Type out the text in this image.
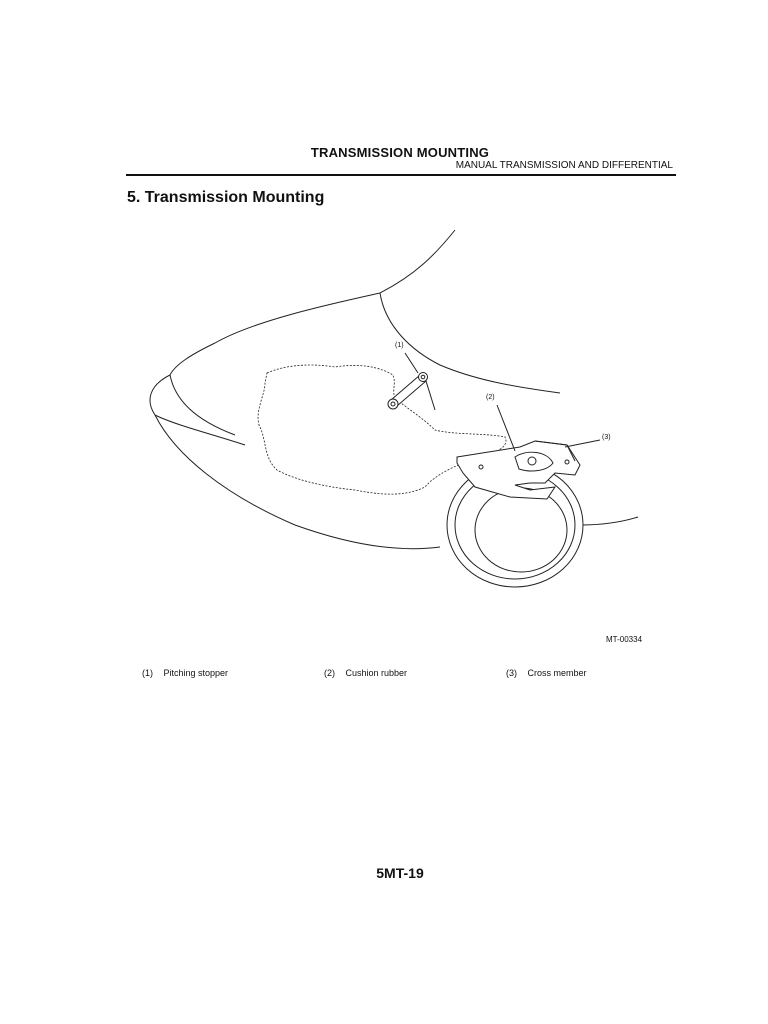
TRANSMISSION MOUNTING
MANUAL TRANSMISSION AND DIFFERENTIAL
5. Transmission Mounting
(1)
(2)
(3)
MT-00334
(1) Pitching stopper	(2) Cushion rubber	(3) Cross member
5MT-19
